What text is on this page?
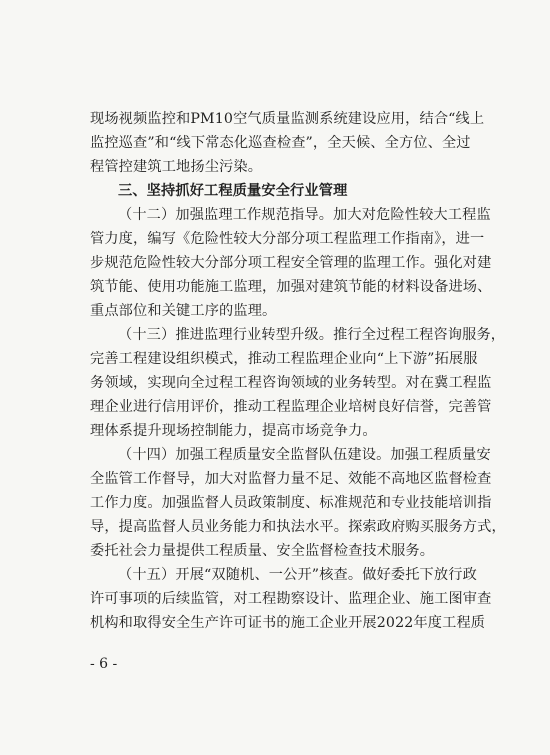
现场视频监控和PM10空气质量监测系统建设应用，结合“线上
监控巡查”和“线下常态化巡查检查”，全天候、全方位、全过
程管控建筑工地扬尘污染。
三、坚持抓好工程质量安全行业管理
（十二）加强监理工作规范指导。加大对危险性较大工程监
管力度，编写《危险性较大分部分项工程监理工作指南》，进一
步规范危险性较大分部分项工程安全管理的监理工作。强化对建
筑节能、使用功能施工监理，加强对建筑节能的材料设备进场、
重点部位和关键工序的监理。
（十三）推进监理行业转型升级。推行全过程工程咨询服务，
完善工程建设组织模式，推动工程监理企业向“上下游”拓展服
务领域，实现向全过程工程咨询领域的业务转型。对在冀工程监
理企业进行信用评价，推动工程监理企业培树良好信誉，完善管
理体系提升现场控制能力，提高市场竞争力。
（十四）加强工程质量安全监督队伍建设。加强工程质量安
全监管工作督导，加大对监督力量不足、效能不高地区监督检查
工作力度。加强监督人员政策制度、标准规范和专业技能培训指
导，提高监督人员业务能力和执法水平。探索政府购买服务方式，
委托社会力量提供工程质量、安全监督检查技术服务。
（十五）开展“双随机、一公开”核查。做好委托下放行政
许可事项的后续监管，对工程勘察设计、监理企业、施工图审查
机构和取得安全生产许可证书的施工企业开展2022年度工程质
- 6 -
